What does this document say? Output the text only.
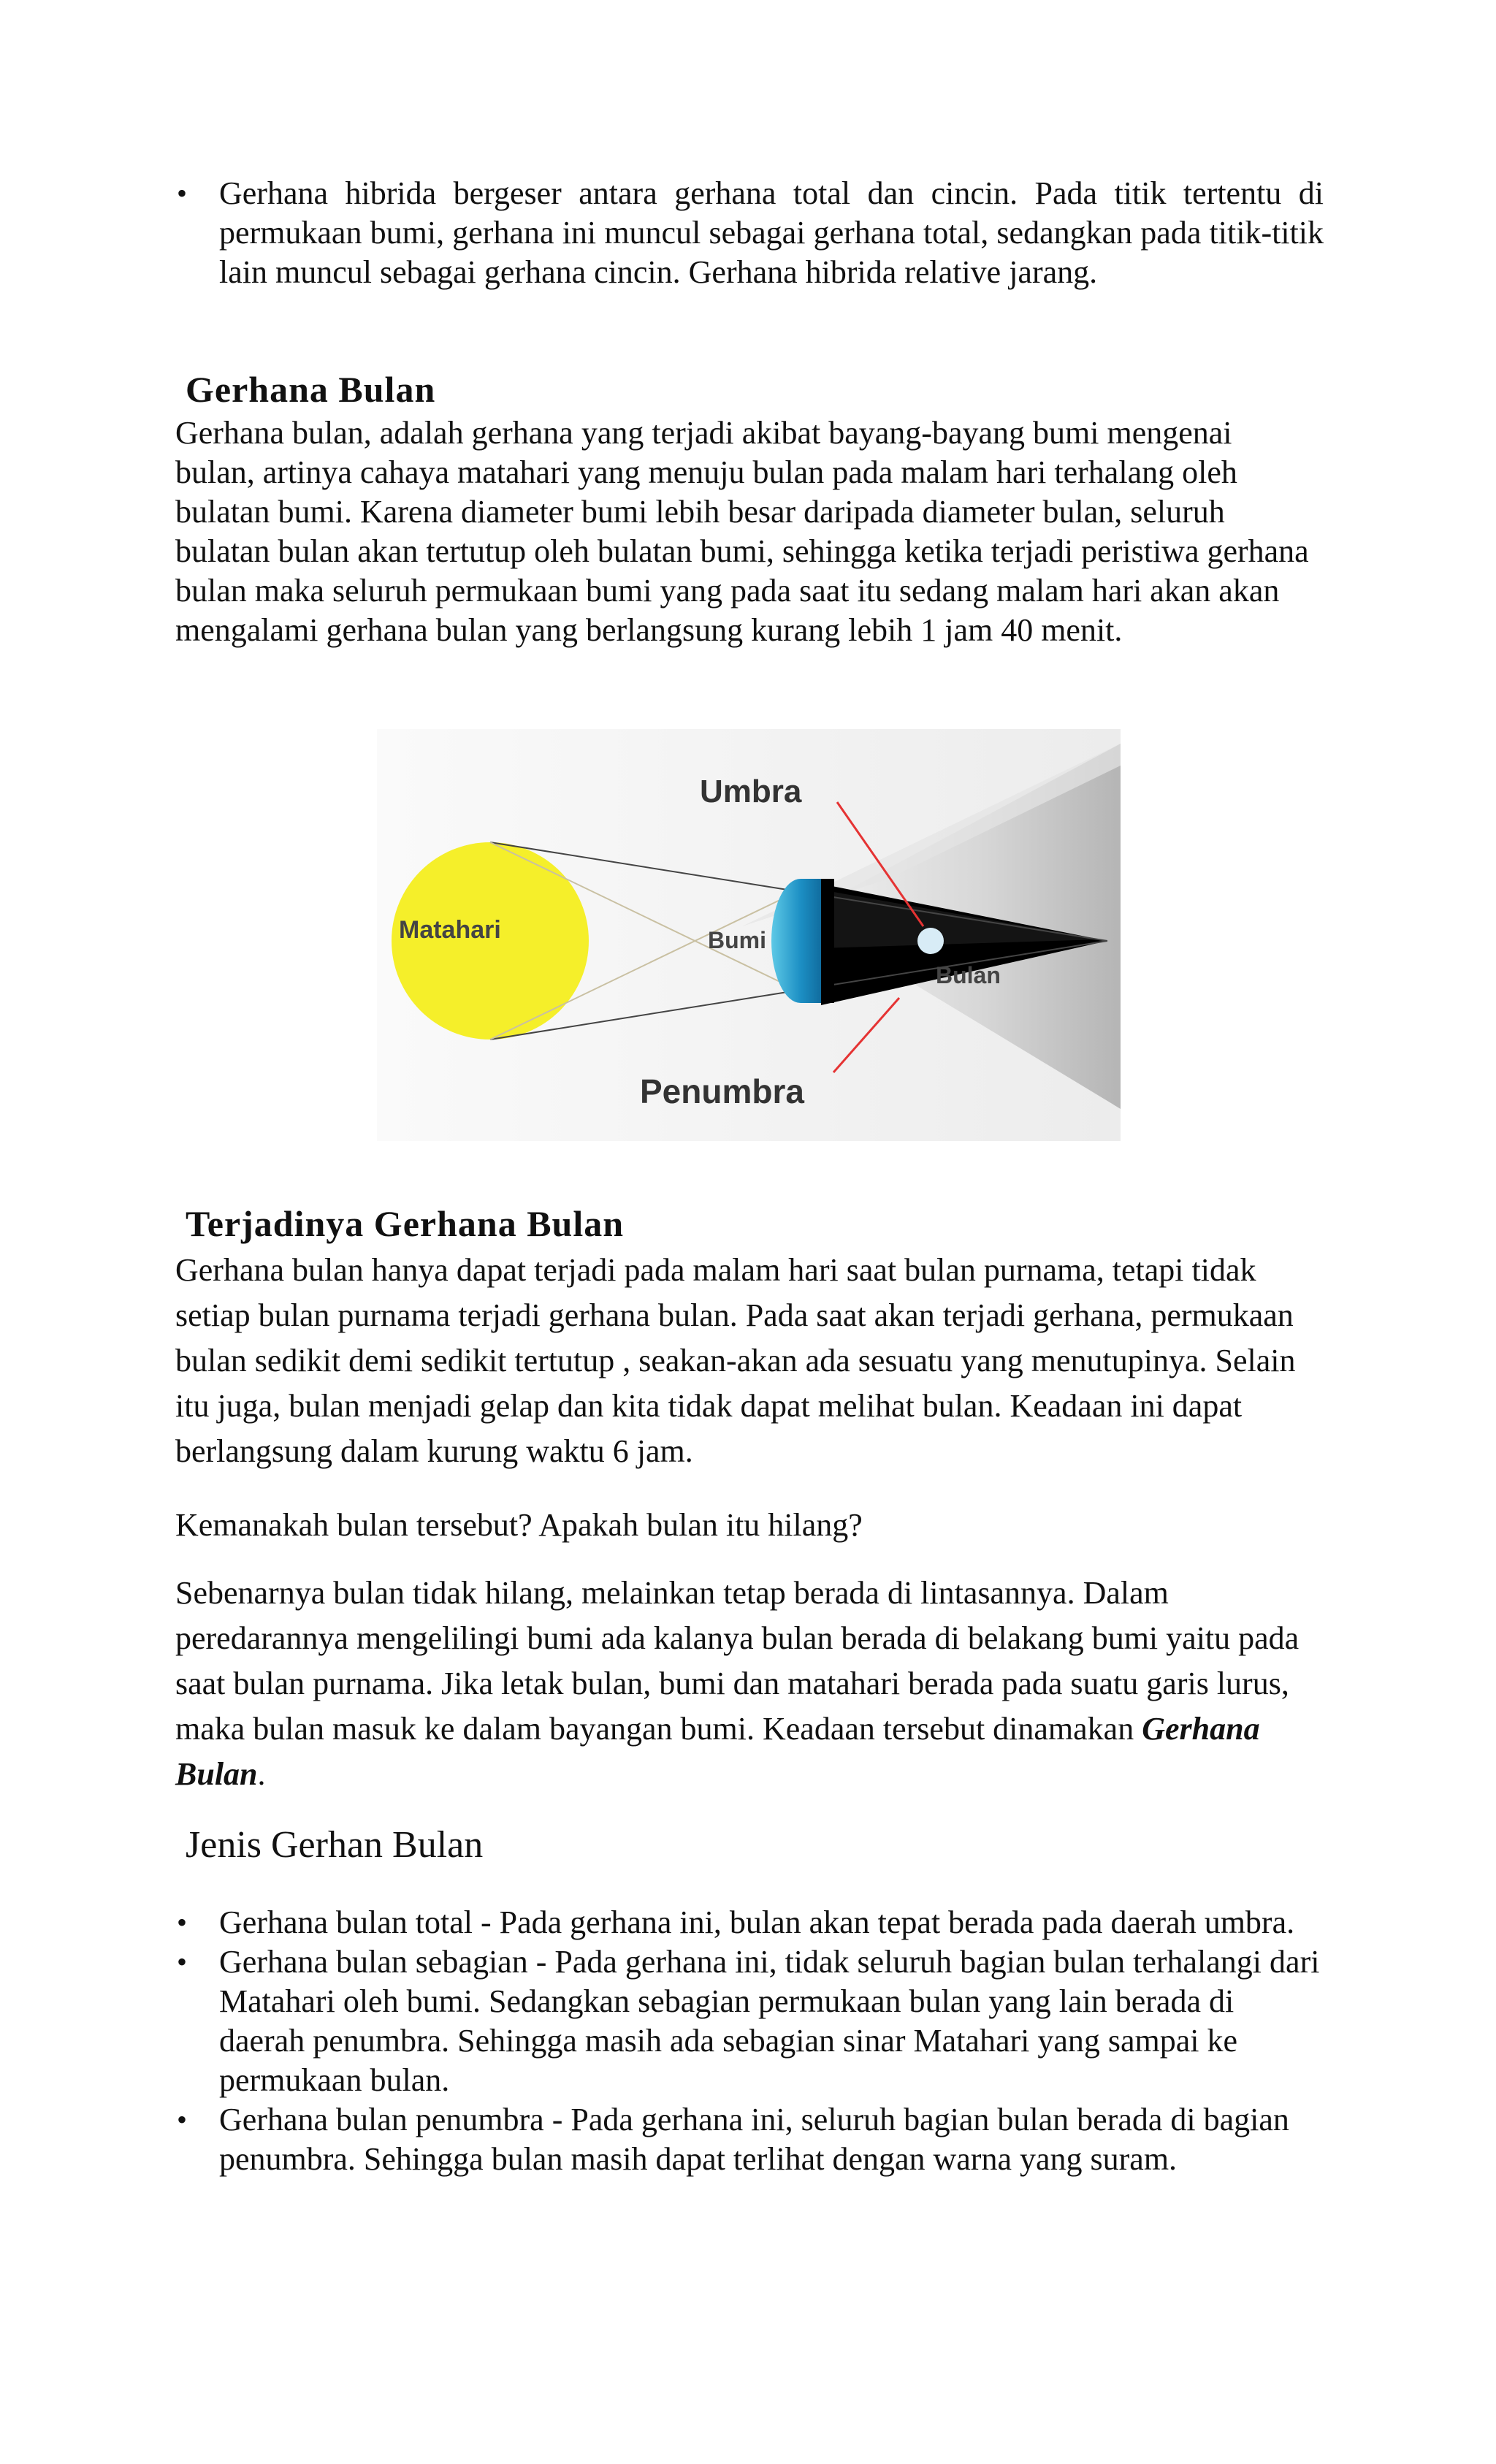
• Gerhana hibrida bergeser antara gerhana total dan cincin. Pada titik tertentu di permukaan bumi, gerhana ini muncul sebagai gerhana total, sedangkan pada titik-titik lain muncul sebagai gerhana cincin. Gerhana hibrida relative jarang.
Gerhana Bulan

Gerhana bulan, adalah gerhana yang terjadi akibat bayang-bayang bumi mengenai bulan, artinya cahaya matahari yang menuju bulan pada malam hari terhalang oleh bulatan bumi. Karena diameter bumi lebih besar daripada diameter bulan, seluruh bulatan bulan akan tertutup oleh bulatan bumi, sehingga ketika terjadi peristiwa gerhana bulan maka seluruh permukaan bumi yang pada saat itu sedang malam hari akan akan mengalami gerhana bulan yang berlangsung kurang lebih 1 jam 40 menit.

Umbra
Matahari	Bumi
Bulan
Penumbra
Terjadinya Gerhana Bulan

Gerhana bulan hanya dapat terjadi pada malam hari saat bulan purnama, tetapi tidak setiap bulan purnama terjadi gerhana bulan. Pada saat akan terjadi gerhana, permukaan bulan sedikit demi sedikit tertutup , seakan-akan ada sesuatu yang menutupinya. Selain itu juga, bulan menjadi gelap dan kita tidak dapat melihat bulan. Keadaan ini dapat berlangsung dalam kurung waktu 6 jam.

Kemanakah bulan tersebut? Apakah bulan itu hilang?

Sebenarnya bulan tidak hilang, melainkan tetap berada di lintasannya. Dalam peredarannya mengelilingi bumi ada kalanya bulan berada di belakang bumi yaitu pada saat bulan purnama. Jika letak bulan, bumi dan matahari berada pada suatu garis lurus, maka bulan masuk ke dalam bayangan bumi. Keadaan tersebut dinamakan Gerhana Bulan.

Jenis Gerhan Bulan
• Gerhana bulan total - Pada gerhana ini, bulan akan tepat berada pada daerah umbra.
• Gerhana bulan sebagian - Pada gerhana ini, tidak seluruh bagian bulan terhalangi dari Matahari oleh bumi. Sedangkan sebagian permukaan bulan yang lain berada di daerah penumbra. Sehingga masih ada sebagian sinar Matahari yang sampai ke permukaan bulan.
• Gerhana bulan penumbra - Pada gerhana ini, seluruh bagian bulan berada di bagian penumbra. Sehingga bulan masih dapat terlihat dengan warna yang suram.
